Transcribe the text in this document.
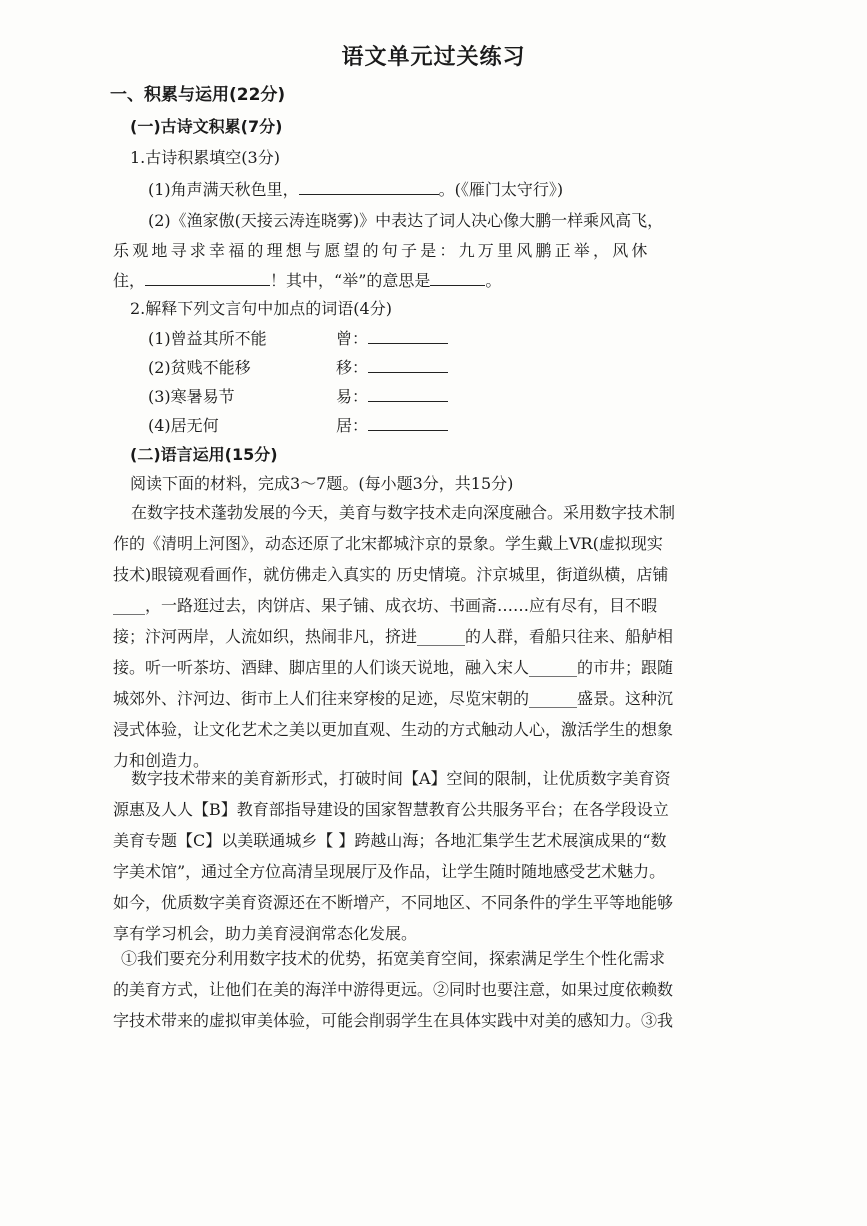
语文单元过关练习
一、积累与运用(22分)
(一)古诗文积累(7分)
1.古诗积累填空(3分)
(1)角声满天秋色里，	。(《雁门太守行》)
(2)《渔家傲(天接云涛连晓雾)》中表达了词人决心像大鹏一样乘风高飞，
乐观地寻求幸福的理想与愿望的句子是：九万里风鹏正举，风休
住，	！其中，“举”的意思是	。
2.解释下列文言句中加点的词语(4分)
(1)曾益其所不能	曾：
(2)贫贱不能移	移：
(3)寒暑易节	易：
(4)居无何	居：
(二)语言运用(15分)
阅读下面的材料，完成3～7题。(每小题3分，共15分)
在数字技术蓬勃发展的今天，美育与数字技术走向深度融合。采用数字技术制
作的《清明上河图》，动态还原了北宋都城汴京的景象。学生戴上VR(虚拟现实
技术)眼镜观看画作，就仿佛走入真实的 历史情境。汴京城里，街道纵横，店铺
____，一路逛过去，肉饼店、果子铺、成衣坊、书画斋……应有尽有，目不暇
接；汴河两岸，人流如织，热闹非凡，挤进______的人群，看船只往来、船舻相
接。听一听茶坊、酒肆、脚店里的人们谈天说地，融入宋人______的市井；跟随
城郊外、汴河边、街市上人们往来穿梭的足迹，尽览宋朝的______盛景。这种沉
浸式体验，让文化艺术之美以更加直观、生动的方式触动人心，激活学生的想象
力和创造力。
数字技术带来的美育新形式，打破时间【A】空间的限制，让优质数字美育资
源惠及人人【B】教育部指导建设的国家智慧教育公共服务平台；在各学段设立
美育专题【C】以美联通城乡【 】跨越山海；各地汇集学生艺术展演成果的“数
字美术馆”，通过全方位高清呈现展厅及作品，让学生随时随地感受艺术魅力。
如今，优质数字美育资源还在不断增产，不同地区、不同条件的学生平等地能够
享有学习机会，助力美育浸润常态化发展。
①我们要充分利用数字技术的优势，拓宽美育空间，探索满足学生个性化需求
的美育方式，让他们在美的海洋中游得更远。②同时也要注意，如果过度依赖数
字技术带来的虚拟审美体验，可能会削弱学生在具体实践中对美的感知力。③我
